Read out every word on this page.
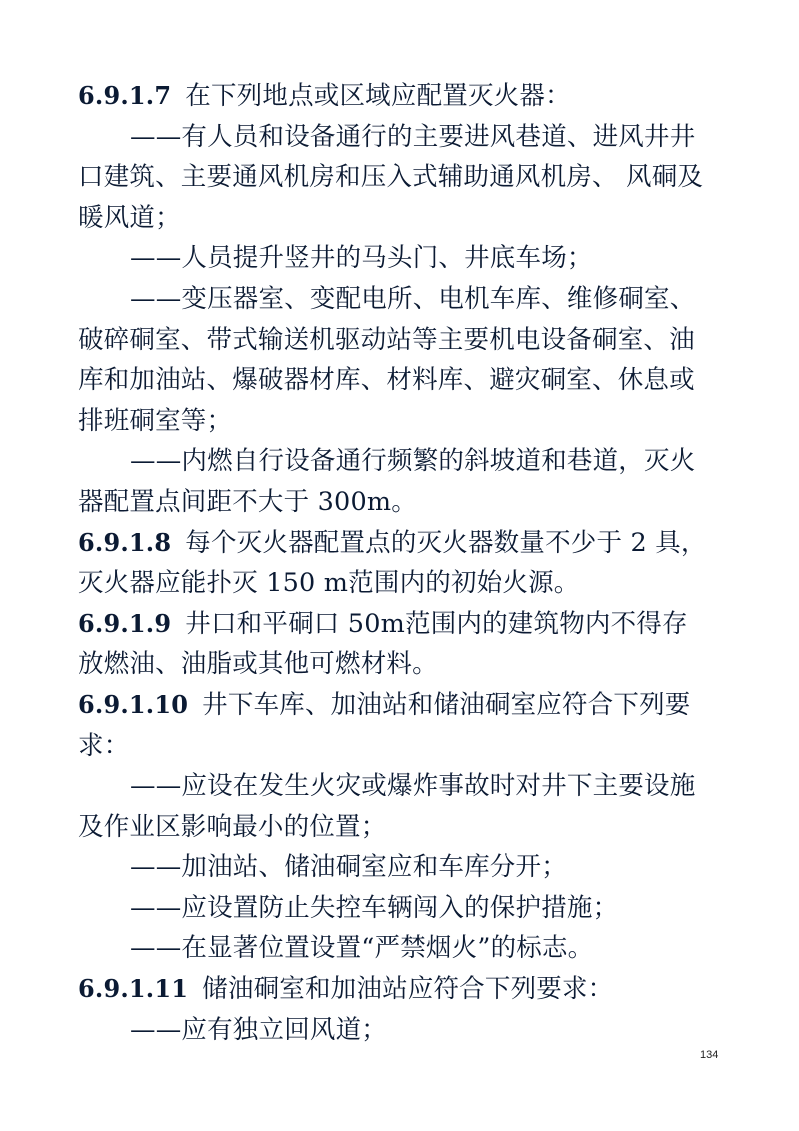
6.9.1.7 在下列地点或区域应配置灭火器：
——有人员和设备通行的主要进风巷道、进风井井
口建筑、主要通风机房和压入式辅助通风机房、 风硐及
暖风道；
——人员提升竖井的马头门、井底车场；
——变压器室、变配电所、电机车库、维修硐室、
破碎硐室、带式输送机驱动站等主要机电设备硐室、油
库和加油站、爆破器材库、材料库、避灾硐室、休息或
排班硐室等；
——内燃自行设备通行频繁的斜坡道和巷道，灭火
器配置点间距不大于 300m。
6.9.1.8 每个灭火器配置点的灭火器数量不少于 2 具，
灭火器应能扑灭 150 m范围内的初始火源。
6.9.1.9 井口和平硐口 50m范围内的建筑物内不得存
放燃油、油脂或其他可燃材料。
6.9.1.10 井下车库、加油站和储油硐室应符合下列要
求：
——应设在发生火灾或爆炸事故时对井下主要设施
及作业区影响最小的位置；
——加油站、储油硐室应和车库分开；
——应设置防止失控车辆闯入的保护措施；
——在显著位置设置“严禁烟火”的标志。
6.9.1.11 储油硐室和加油站应符合下列要求：
——应有独立回风道；
134
